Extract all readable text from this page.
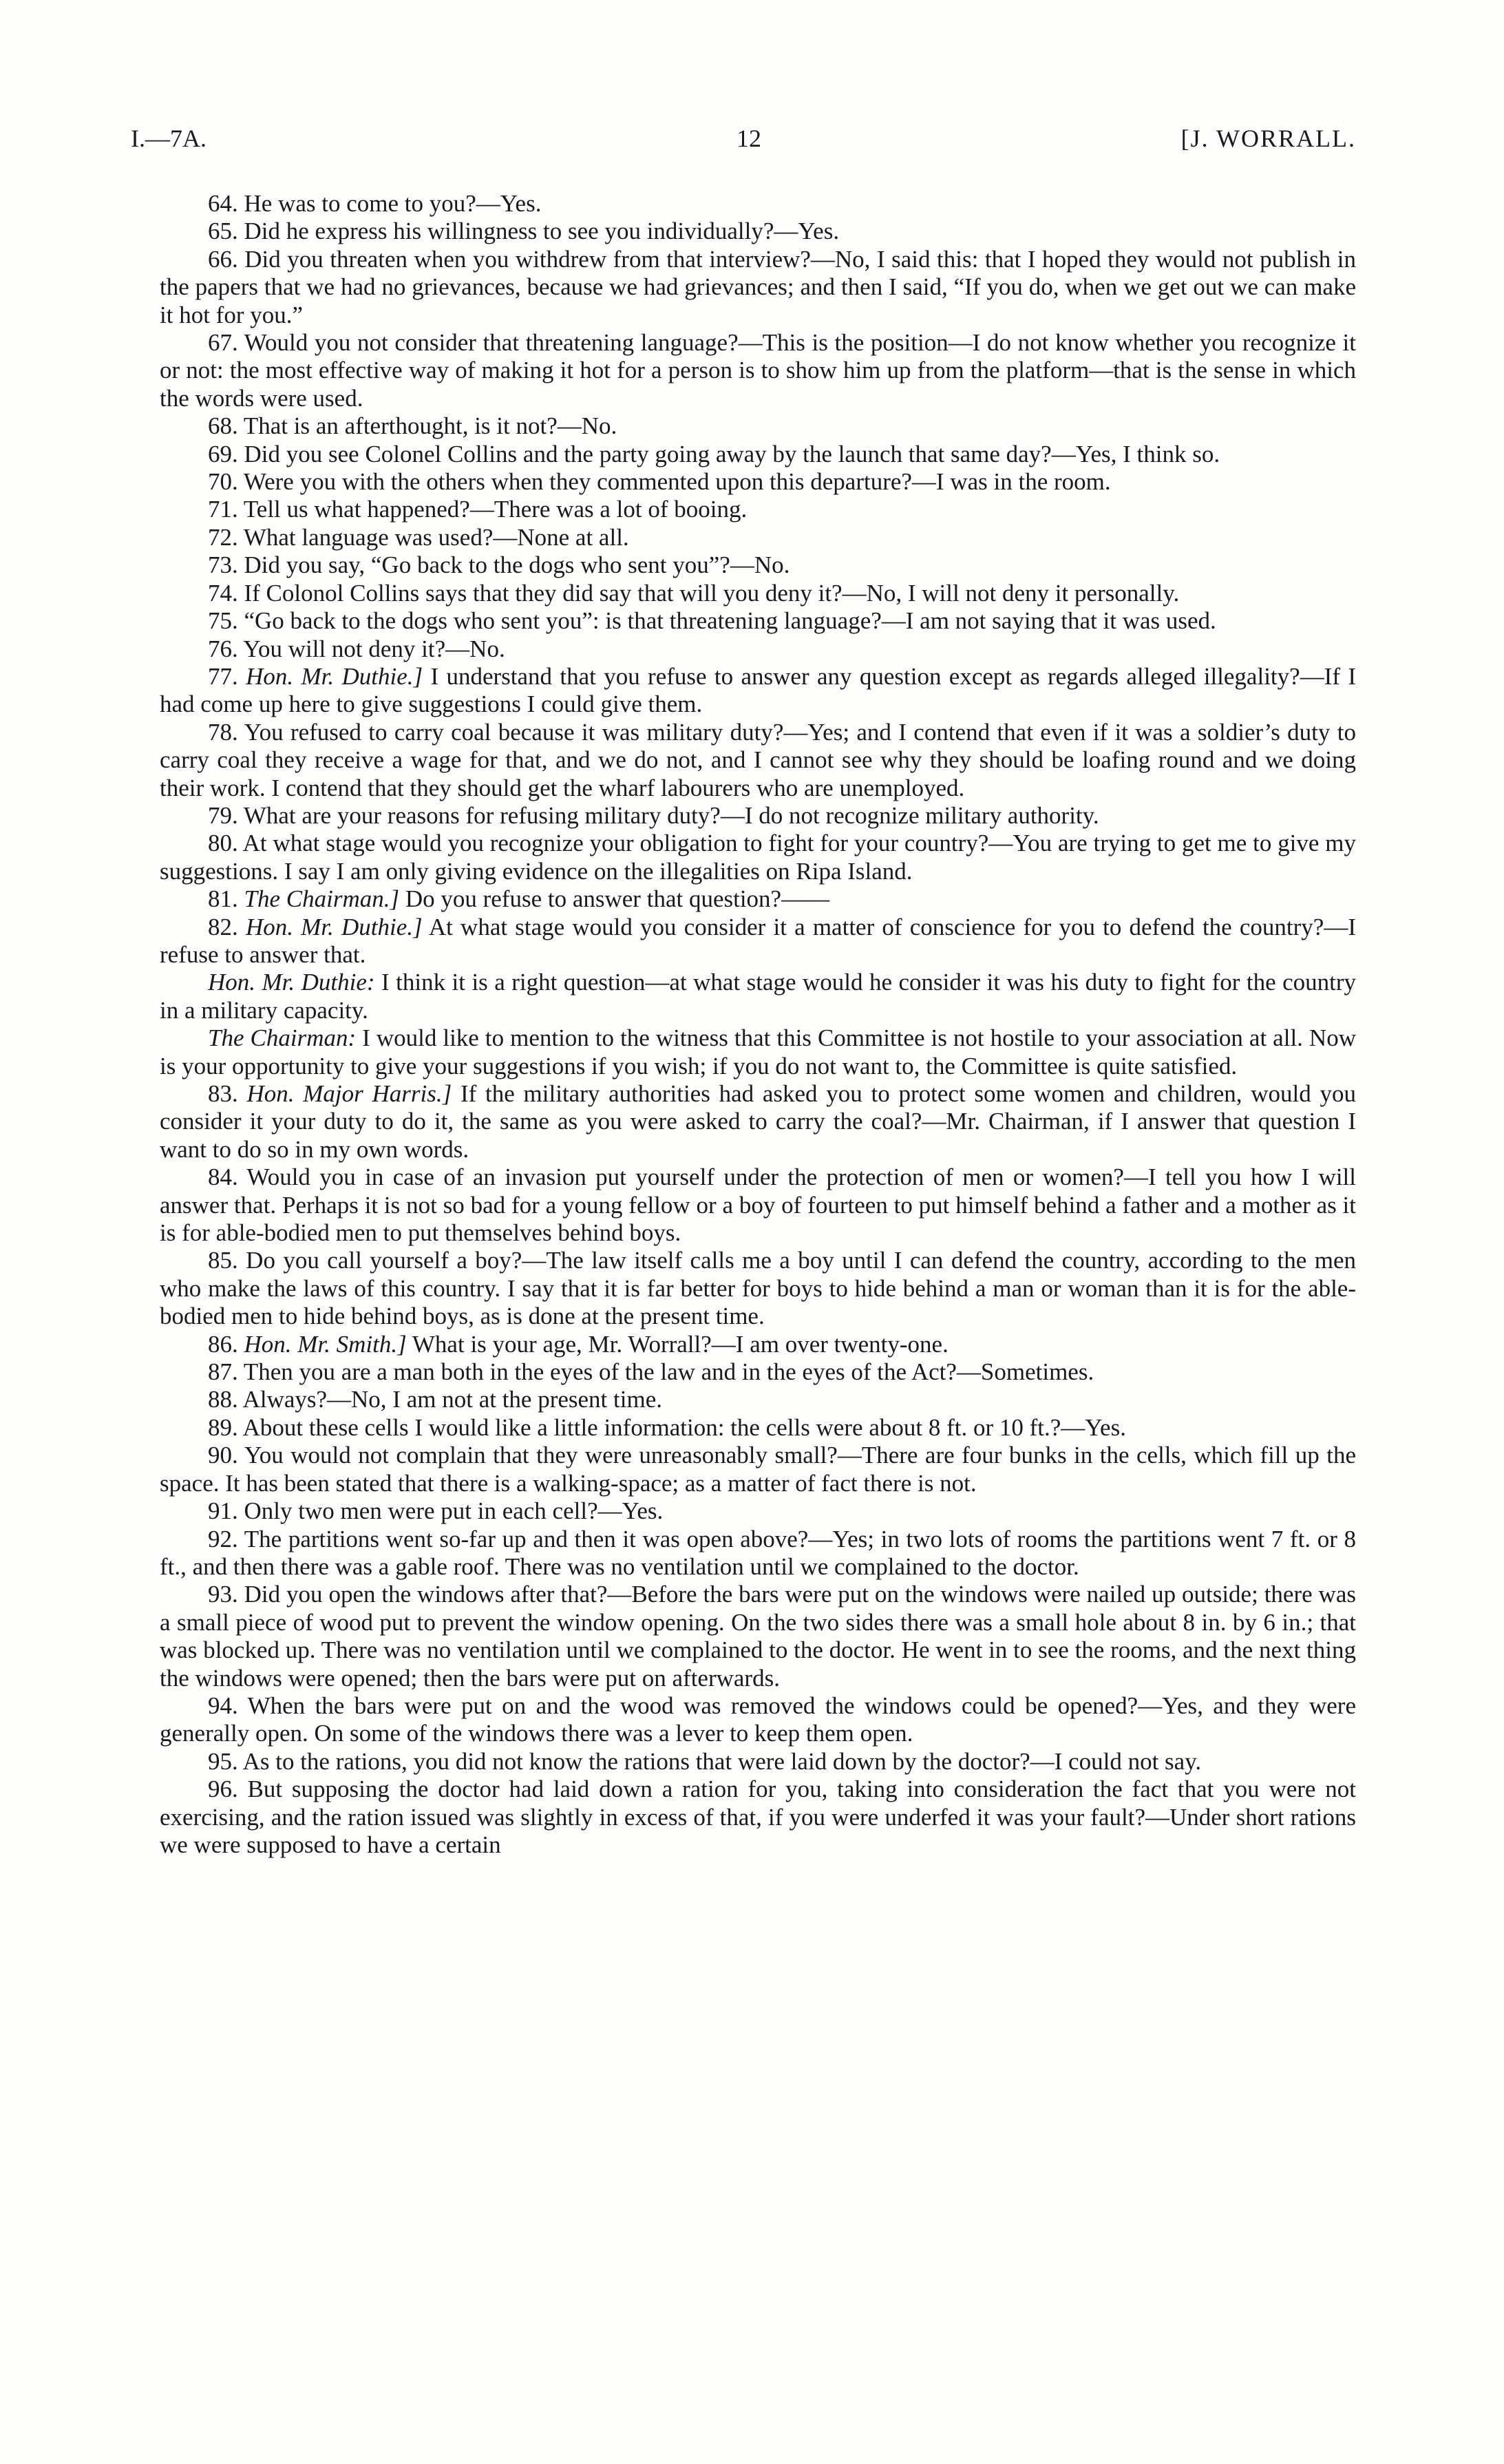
I.—7A.	12	[J. WORRALL.

64. He was to come to you?—Yes.

65. Did he express his willingness to see you individually?—Yes.

66. Did you threaten when you withdrew from that interview?—No, I said this: that I hoped they would not publish in the papers that we had no grievances, because we had grievances; and then I said, “If you do, when we get out we can make it hot for you.”

67. Would you not consider that threatening language?—This is the position—I do not know whether you recognize it or not: the most effective way of making it hot for a person is to show him up from the platform—that is the sense in which the words were used.

68. That is an afterthought, is it not?—No.

69. Did you see Colonel Collins and the party going away by the launch that same day?—Yes, I think so.

70. Were you with the others when they commented upon this departure?—I was in the room.

71. Tell us what happened?—There was a lot of booing.

72. What language was used?—None at all.

73. Did you say, “Go back to the dogs who sent you”?—No.

74. If Colonol Collins says that they did say that will you deny it?—No, I will not deny it personally.

75. “Go back to the dogs who sent you”: is that threatening language?—I am not saying that it was used.

76. You will not deny it?—No.

77. Hon. Mr. Duthie.] I understand that you refuse to answer any question except as regards alleged illegality?—If I had come up here to give suggestions I could give them.

78. You refused to carry coal because it was military duty?—Yes; and I contend that even if it was a soldier’s duty to carry coal they receive a wage for that, and we do not, and I cannot see why they should be loafing round and we doing their work. I contend that they should get the wharf labourers who are unemployed.

79. What are your reasons for refusing military duty?—I do not recognize military authority.

80. At what stage would you recognize your obligation to fight for your country?—You are trying to get me to give my suggestions. I say I am only giving evidence on the illegalities on Ripa Island.

81. The Chairman.] Do you refuse to answer that question?——

82. Hon. Mr. Duthie.] At what stage would you consider it a matter of conscience for you to defend the country?—I refuse to answer that.

Hon. Mr. Duthie: I think it is a right question—at what stage would he consider it was his duty to fight for the country in a military capacity.

The Chairman: I would like to mention to the witness that this Committee is not hostile to your association at all. Now is your opportunity to give your suggestions if you wish; if you do not want to, the Committee is quite satisfied.

83. Hon. Major Harris.] If the military authorities had asked you to protect some women and children, would you consider it your duty to do it, the same as you were asked to carry the coal?—Mr. Chairman, if I answer that question I want to do so in my own words.

84. Would you in case of an invasion put yourself under the protection of men or women?—I tell you how I will answer that. Perhaps it is not so bad for a young fellow or a boy of fourteen to put himself behind a father and a mother as it is for able-bodied men to put themselves behind boys.

85. Do you call yourself a boy?—The law itself calls me a boy until I can defend the country, according to the men who make the laws of this country. I say that it is far better for boys to hide behind a man or woman than it is for the able-bodied men to hide behind boys, as is done at the present time.

86. Hon. Mr. Smith.] What is your age, Mr. Worrall?—I am over twenty-one.

87. Then you are a man both in the eyes of the law and in the eyes of the Act?—Sometimes.

88. Always?—No, I am not at the present time.

89. About these cells I would like a little information: the cells were about 8 ft. or 10 ft.?—Yes.

90. You would not complain that they were unreasonably small?—There are four bunks in the cells, which fill up the space. It has been stated that there is a walking-space; as a matter of fact there is not.

91. Only two men were put in each cell?—Yes.

92. The partitions went so-far up and then it was open above?—Yes; in two lots of rooms the partitions went 7 ft. or 8 ft., and then there was a gable roof. There was no ventilation until we complained to the doctor.

93. Did you open the windows after that?—Before the bars were put on the windows were nailed up outside; there was a small piece of wood put to prevent the window opening. On the two sides there was a small hole about 8 in. by 6 in.; that was blocked up. There was no ventilation until we complained to the doctor. He went in to see the rooms, and the next thing the windows were opened; then the bars were put on afterwards.

94. When the bars were put on and the wood was removed the windows could be opened?—Yes, and they were generally open. On some of the windows there was a lever to keep them open.

95. As to the rations, you did not know the rations that were laid down by the doctor?—I could not say.

96. But supposing the doctor had laid down a ration for you, taking into consideration the fact that you were not exercising, and the ration issued was slightly in excess of that, if you were underfed it was your fault?—Under short rations we were supposed to have a certain
